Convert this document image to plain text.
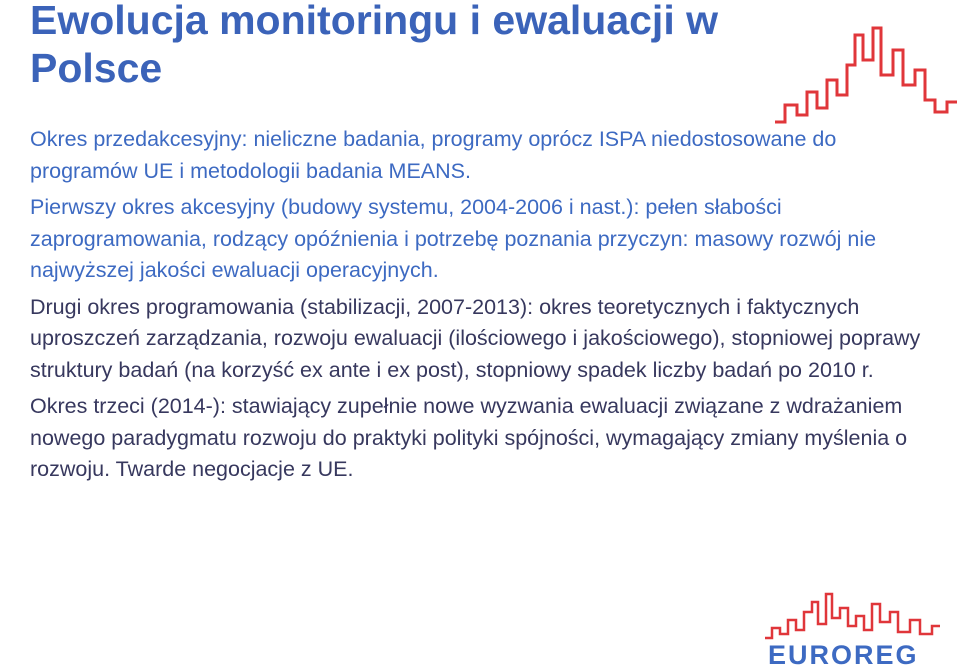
Ewolucja monitoringu i ewaluacji w Polsce

Okres przedakcesyjny: nieliczne badania, programy oprócz ISPA niedostosowane do programów UE i metodologii badania MEANS.

Pierwszy okres akcesyjny (budowy systemu, 2004-2006 i nast.): pełen słabości zaprogramowania, rodzący opóźnienia i potrzebę poznania przyczyn: masowy rozwój nie najwyższej jakości ewaluacji operacyjnych.

Drugi okres programowania (stabilizacji, 2007-2013): okres teoretycznych i faktycznych uproszczeń zarządzania, rozwoju ewaluacji (ilościowego i jakościowego), stopniowej poprawy struktury badań (na korzyść ex ante i ex post), stopniowy spadek liczby badań po 2010 r.

Okres trzeci (2014-): stawiający zupełnie nowe wyzwania ewaluacji związane z wdrażaniem nowego paradygmatu rozwoju do praktyki polityki spójności, wymagający zmiany myślenia o rozwoju. Twarde negocjacje z UE.

EUROREG
